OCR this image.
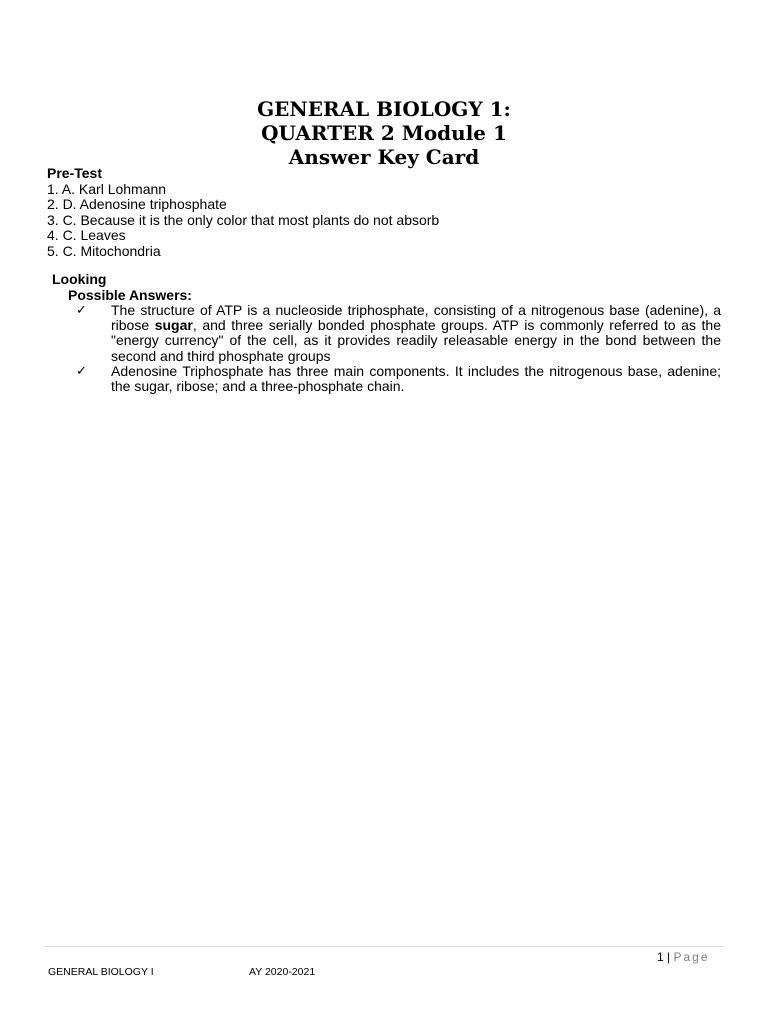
GENERAL BIOLOGY 1:
QUARTER 2 Module 1
Answer Key Card
Pre-Test
1. A. Karl Lohmann
2. D. Adenosine triphosphate
3. C. Because it is the only color that most plants do not absorb
4. C. Leaves
5. C. Mitochondria
Looking
Possible Answers:
✓ The structure of ATP is a nucleoside triphosphate, consisting of a nitrogenous base (adenine), a ribose sugar, and three serially bonded phosphate groups. ATP is commonly referred to as the "energy currency" of the cell, as it provides readily releasable energy in the bond between the second and third phosphate groups
✓ Adenosine Triphosphate has three main components. It includes the nitrogenous base, adenine; the sugar, ribose; and a three-phosphate chain.
1 | Page
GENERAL BIOLOGY I	AY 2020-2021
